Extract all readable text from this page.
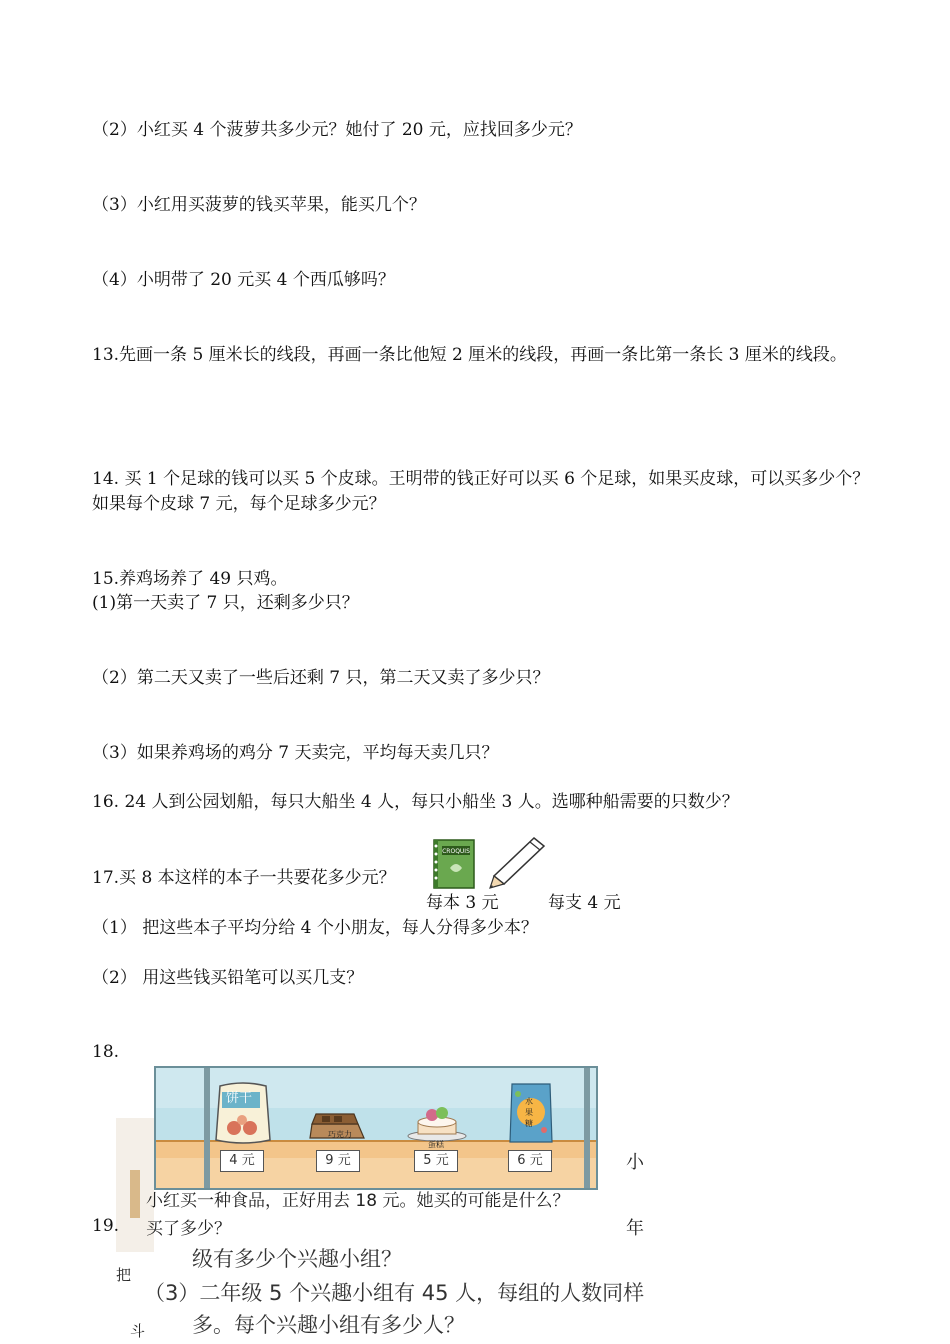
（2）小红买 4 个菠萝共多少元？她付了 20 元，应找回多少元？
（3）小红用买菠萝的钱买苹果，能买几个？
（4）小明带了 20 元买 4 个西瓜够吗？
13.先画一条 5 厘米长的线段，再画一条比他短 2 厘米的线段，再画一条比第一条长 3 厘米的线段。
14. 买 1 个足球的钱可以买 5 个皮球。王明带的钱正好可以买 6 个足球，如果买皮球，可以买多少个？如果每个皮球 7 元，每个足球多少元？
15.养鸡场养了 49 只鸡。
(1)第一天卖了 7 只，还剩多少只？
（2）第二天又卖了一些后还剩 7 只，第二天又卖了多少只？
（3）如果养鸡场的鸡分 7 天卖完，平均每天卖几只？
16. 24 人到公园划船，每只大船坐 4 人，每只小船坐 3 人。选哪种船需要的只数少？
17.买 8 本这样的本子一共要花多少元？
CROQUIS
每本 3 元	每支 4 元
（1） 把这些本子平均分给 4 个小朋友，每人分得多少本？
（2） 用这些钱买铅笔可以买几支？
18.
饼干
巧克力
蛋糕
水果糖
4 元	9 元	5 元	6 元	小
小红买一种食品，正好用去 18 元。她买的可能是什么？
买了多少？
19.	年
把
斗
级有多少个兴趣小组？
（3）二年级 5 个兴趣小组有 45 人，每组的人数同样
多。每个兴趣小组有多少人？
